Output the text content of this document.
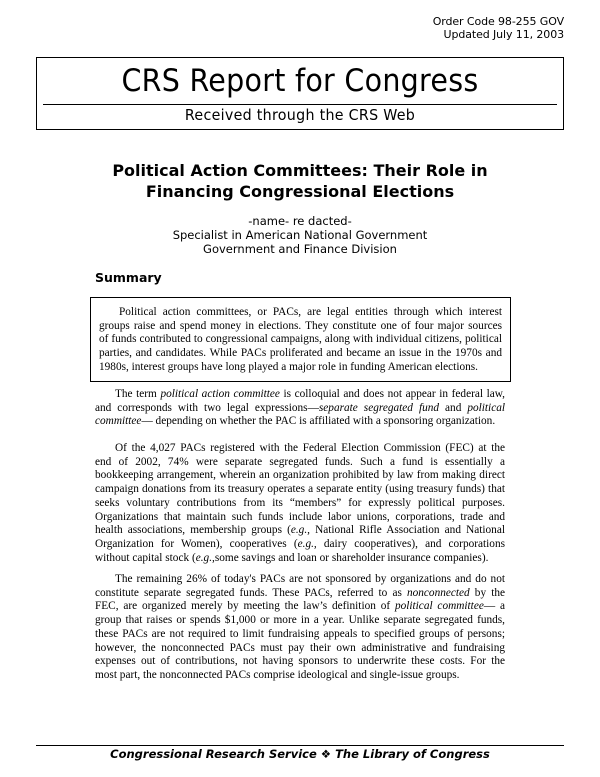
Order Code 98-255 GOV
Updated July 11, 2003
CRS Report for Congress
Received through the CRS Web
Political Action Committees: Their Role in
Financing Congressional Elections
-name- re dacted-
Specialist in American National Government
Government and Finance Division
Summary
Political action committees, or PACs, are legal entities through which interest
groups raise and spend money in elections. They constitute one of four major sources
of funds contributed to congressional campaigns, along with individual citizens, political
parties, and candidates. While PACs proliferated and became an issue in the 1970s and
1980s, interest groups have long played a major role in funding American elections.
The term political action committee is colloquial and does not appear in federal law,
and corresponds with two legal expressions—separate segregated fund and political
committee— depending on whether the PAC is affiliated with a sponsoring organization.
Of the 4,027 PACs registered with the Federal Election Commission (FEC) at the
end of 2002, 74% were separate segregated funds. Such a fund is essentially a
bookkeeping arrangement, wherein an organization prohibited by law from making direct
campaign donations from its treasury operates a separate entity (using treasury funds) that
seeks voluntary contributions from its “members” for expressly political purposes.
Organizations that maintain such funds include labor unions, corporations, trade and
health associations, membership groups (e.g., National Rifle Association and National
Organization for Women), cooperatives (e.g., dairy cooperatives), and corporations
without capital stock (e.g.,some savings and loan or shareholder insurance companies).
The remaining 26% of today's PACs are not sponsored by organizations and do not
constitute separate segregated funds. These PACs, referred to as nonconnected by the
FEC, are organized merely by meeting the law’s definition of political committee— a
group that raises or spends $1,000 or more in a year. Unlike separate segregated funds,
these PACs are not required to limit fundraising appeals to specified groups of persons;
however, the nonconnected PACs must pay their own administrative and fundraising
expenses out of contributions, not having sponsors to underwrite these costs. For the
most part, the nonconnected PACs comprise ideological and single-issue groups.
Congressional Research Service ❖ The Library of Congress
